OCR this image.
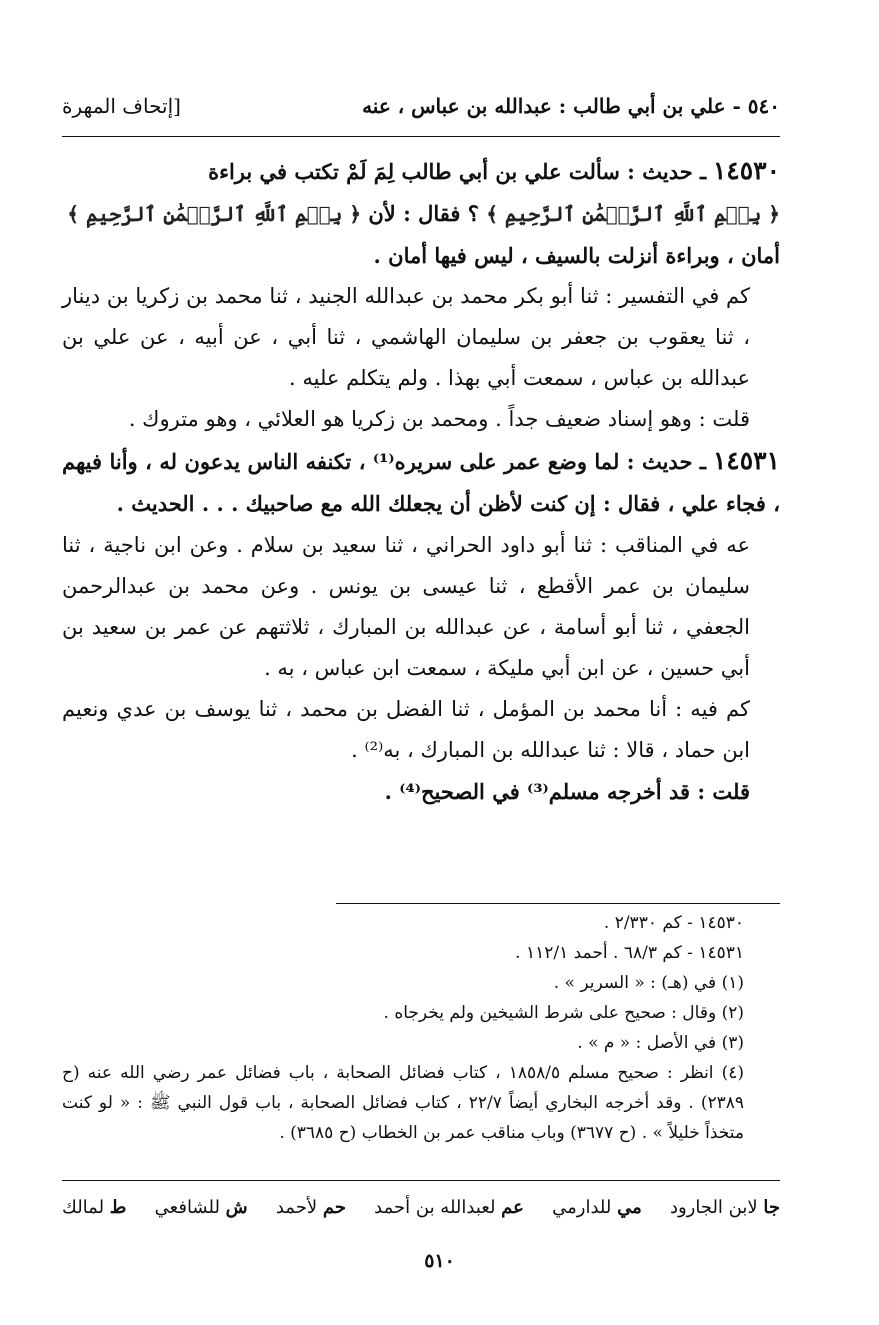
٥٤٠ - علي بن أبي طالب : عبدالله بن عباس ، عنه
[إتحاف المهرة

١٤٥٣٠ ـ حديث : سألت علي بن أبي طالب لِمَ لَمْ تكتب في براءة

﴿ بِسۡمِ ٱللَّهِ ٱلرَّحۡمَٰنِ ٱلرَّحِيمِ ﴾ ؟ فقال : لأن ﴿ بِسۡمِ ٱللَّهِ ٱلرَّحۡمَٰنِ ٱلرَّحِيمِ ﴾

أمان ، وبراءة أنزلت بالسيف ، ليس فيها أمان .

كم في التفسير : ثنا أبو بكر محمد بن عبدالله الجنيد ، ثنا محمد بن زكريا بن دينار ، ثنا يعقوب بن جعفر بن سليمان الهاشمي ، ثنا أبي ، عن أبيه ، عن علي بن عبدالله بن عباس ، سمعت أبي بهذا . ولم يتكلم عليه .

قلت : وهو إسناد ضعيف جداً . ومحمد بن زكريا هو العلائي ، وهو متروك .

١٤٥٣١ ـ حديث : لما وضع عمر على سريره⁽¹⁾ ، تكنفه الناس يدعون له ، وأنا فيهم ، فجاء علي ، فقال : إن كنت لأظن أن يجعلك الله مع صاحبيك . . . الحديث .

عه في المناقب : ثنا أبو داود الحراني ، ثنا سعيد بن سلام . وعن ابن ناجية ، ثنا سليمان بن عمر الأقطع ، ثنا عيسى بن يونس . وعن محمد بن عبدالرحمن الجعفي ، ثنا أبو أسامة ، عن عبدالله بن المبارك ، ثلاثتهم عن عمر بن سعيد بن أبي حسين ، عن ابن أبي مليكة ، سمعت ابن عباس ، به .

كم فيه : أنا محمد بن المؤمل ، ثنا الفضل بن محمد ، ثنا يوسف بن عدي ونعيم ابن حماد ، قالا : ثنا عبدالله بن المبارك ، به⁽²⁾ .

قلت : قد أخرجه مسلم⁽³⁾ في الصحيح⁽⁴⁾ .

١٤٥٣٠ - كم ٢/٣٣٠ .

١٤٥٣١ - كم ٦٨/٣ . أحمد ١١٢/١ .

(١) في (هـ) : « السرير » .

(٢) وقال : صحيح على شرط الشيخين ولم يخرجاه .

(٣) في الأصل : « م » .

(٤) انظر : صحيح مسلم ١٨٥٨/٥ ، كتاب فضائل الصحابة ، باب فضائل عمر رضي الله عنه (ح ٢٣٨٩) . وقد أخرجه البخاري أيضاً ٢٢/٧ ، كتاب فضائل الصحابة ، باب قول النبي ﷺ : « لو كنت متخذاً خليلاً » . (ح ٣٦٧٧) وباب مناقب عمر بن الخطاب (ح ٣٦٨٥) .

ط لمالك	ش للشافعي	حم لأحمد	عم لعبدالله بن أحمد	مي للدارمي	جا لابن الجارود
٥١٠
